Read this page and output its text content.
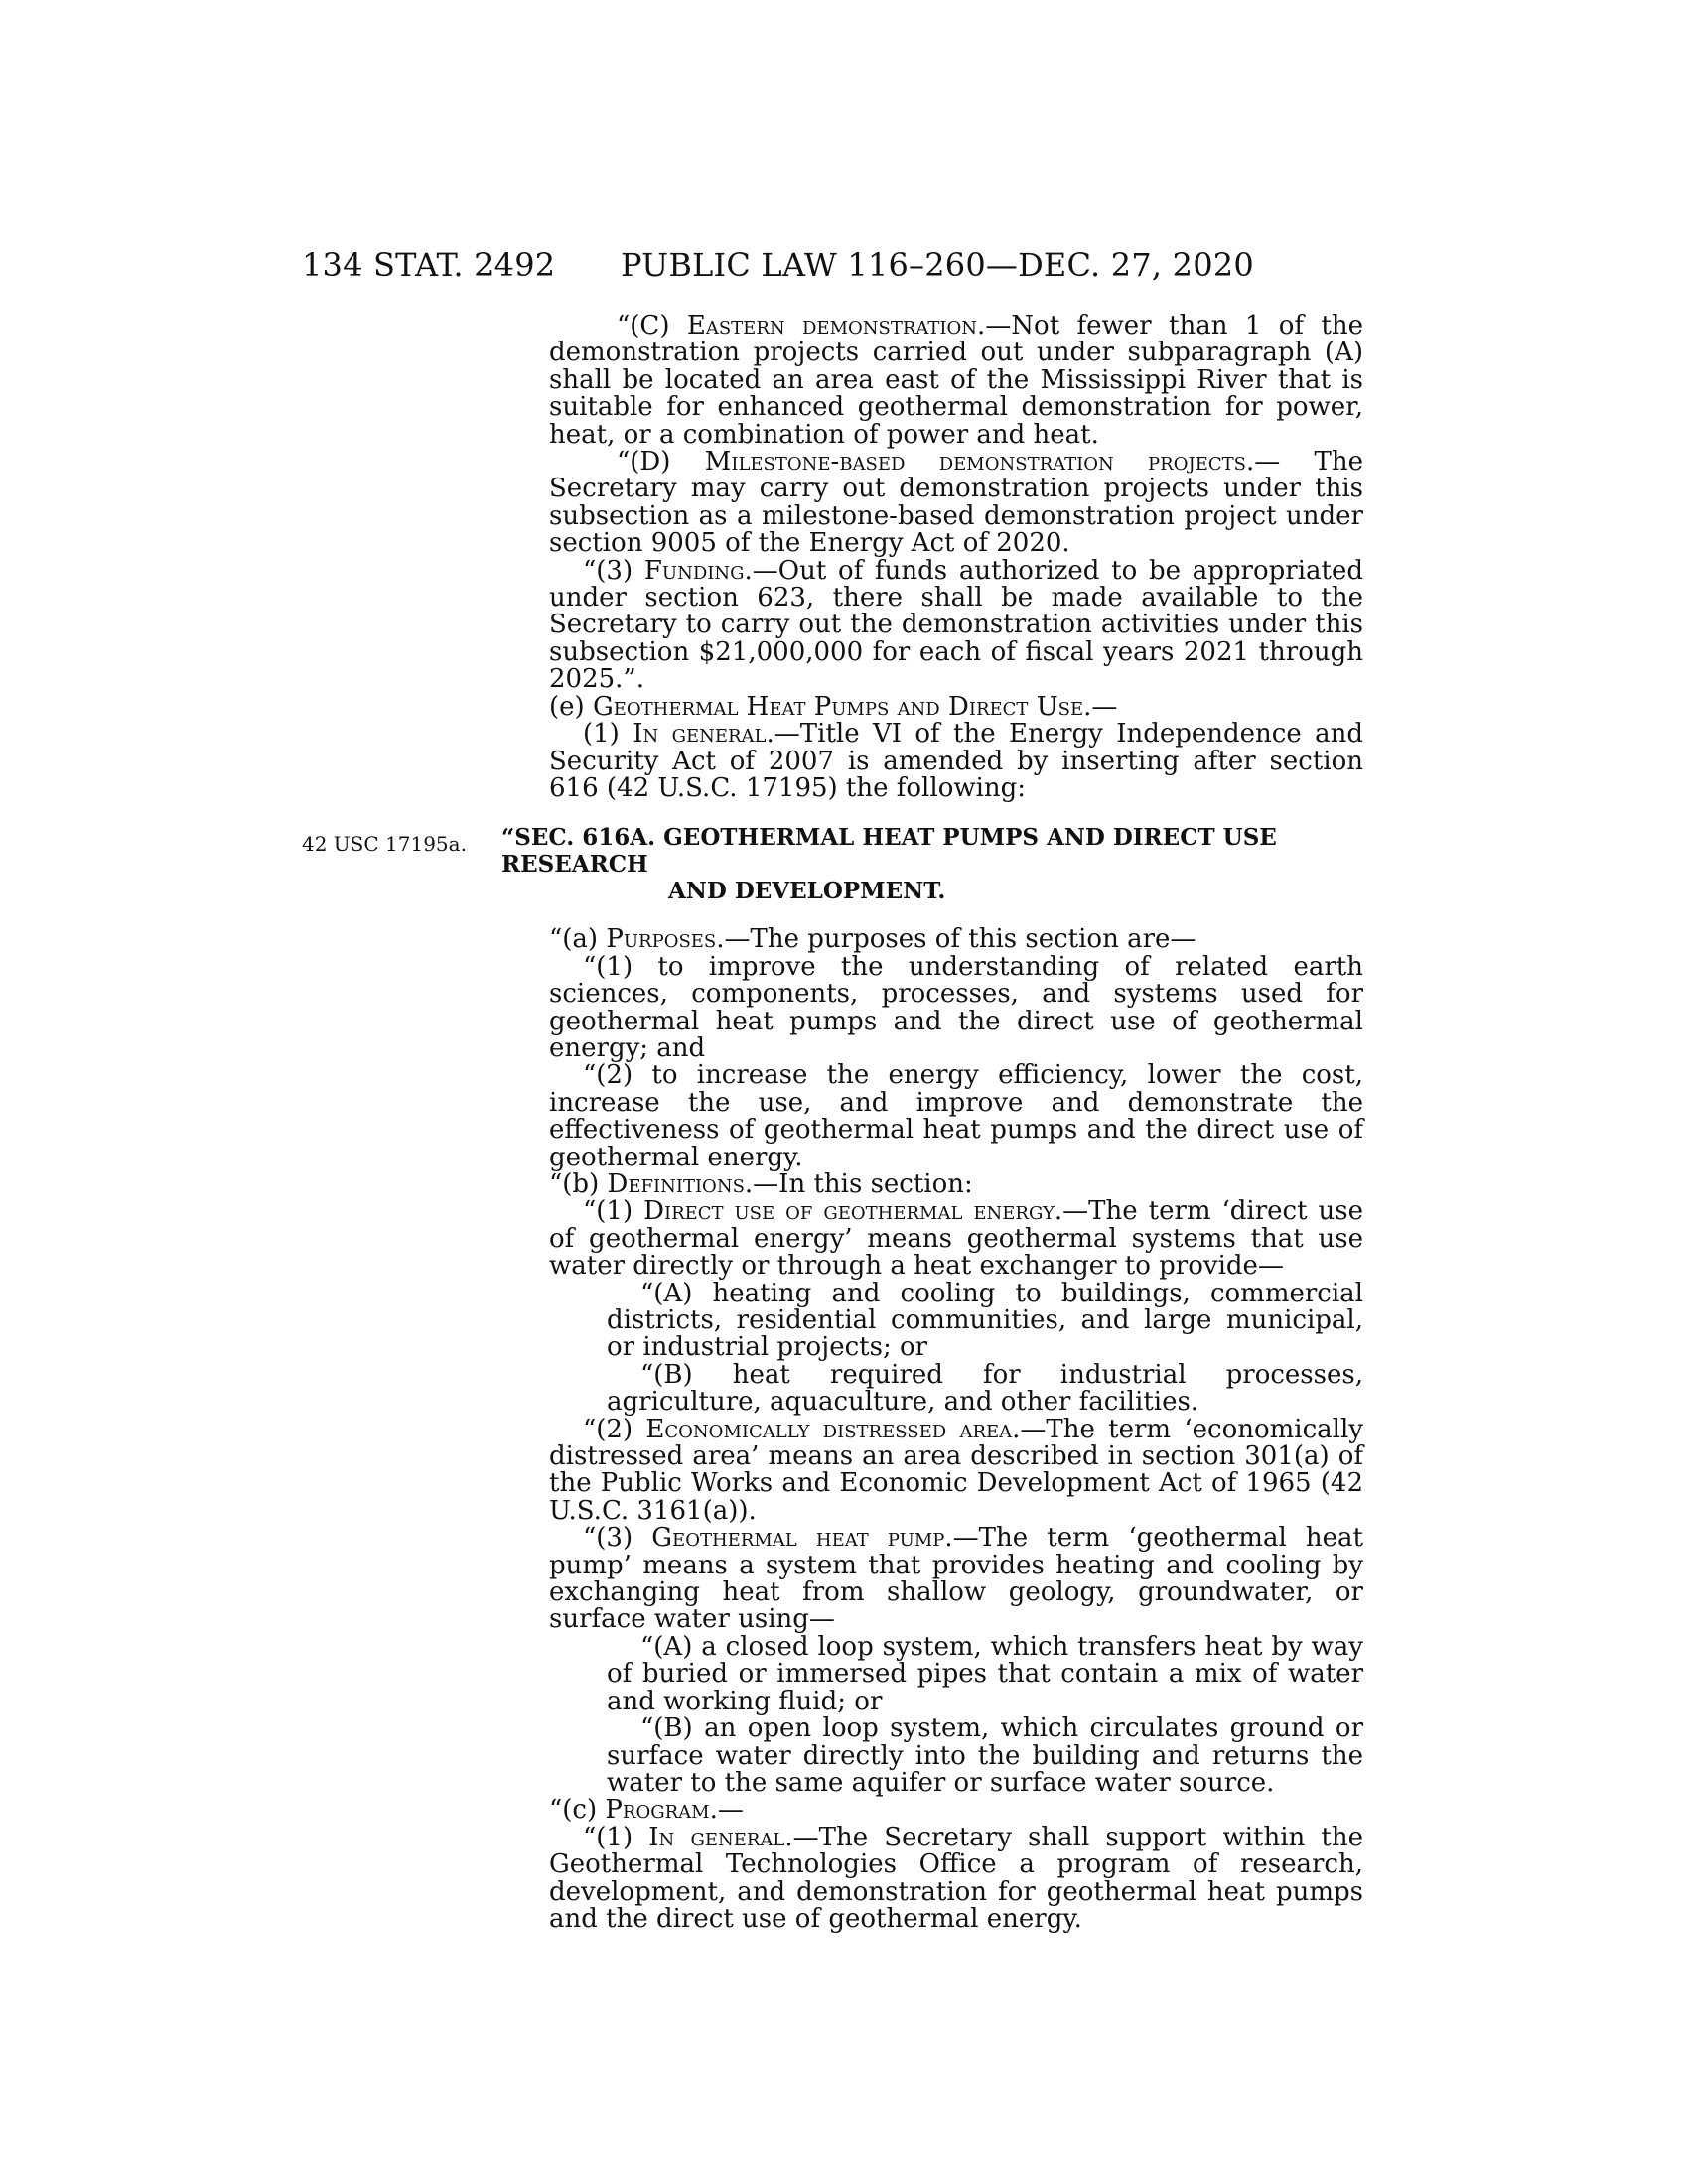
134 STAT. 2492 PUBLIC LAW 116–260—DEC. 27, 2020
42 USC 17195a.

“(C) Eastern demonstration.—Not fewer than 1 of the demonstration projects carried out under subparagraph (A) shall be located an area east of the Mississippi River that is suitable for enhanced geothermal demonstration for power, heat, or a combination of power and heat.

“(D) Milestone-based demonstration projects.— The Secretary may carry out demonstration projects under this subsection as a milestone-based demonstration project under section 9005 of the Energy Act of 2020.

“(3) Funding.—Out of funds authorized to be appropriated under section 623, there shall be made available to the Secretary to carry out the demonstration activities under this subsection $21,000,000 for each of fiscal years 2021 through 2025.”.

(e) Geothermal Heat Pumps and Direct Use.—

(1) In general.—Title VI of the Energy Independence and Security Act of 2007 is amended by inserting after section 616 (42 U.S.C. 17195) the following:

“SEC. 616A. GEOTHERMAL HEAT PUMPS AND DIRECT USE RESEARCH
AND DEVELOPMENT.

“(a) Purposes.—The purposes of this section are—

“(1) to improve the understanding of related earth sciences, components, processes, and systems used for geothermal heat pumps and the direct use of geothermal energy; and

“(2) to increase the energy efficiency, lower the cost, increase the use, and improve and demonstrate the effectiveness of geothermal heat pumps and the direct use of geothermal energy.

“(b) Definitions.—In this section:

“(1) Direct use of geothermal energy.—The term ‘direct use of geothermal energy’ means geothermal systems that use water directly or through a heat exchanger to provide—

“(A) heating and cooling to buildings, commercial districts, residential communities, and large municipal, or industrial projects; or

“(B) heat required for industrial processes, agriculture, aquaculture, and other facilities.

“(2) Economically distressed area.—The term ‘economically distressed area’ means an area described in section 301(a) of the Public Works and Economic Development Act of 1965 (42 U.S.C. 3161(a)).

“(3) Geothermal heat pump.—The term ‘geothermal heat pump’ means a system that provides heating and cooling by exchanging heat from shallow geology, groundwater, or surface water using—

“(A) a closed loop system, which transfers heat by way of buried or immersed pipes that contain a mix of water and working fluid; or

“(B) an open loop system, which circulates ground or surface water directly into the building and returns the water to the same aquifer or surface water source.

“(c) Program.—

“(1) In general.—The Secretary shall support within the Geothermal Technologies Office a program of research, development, and demonstration for geothermal heat pumps and the direct use of geothermal energy.
